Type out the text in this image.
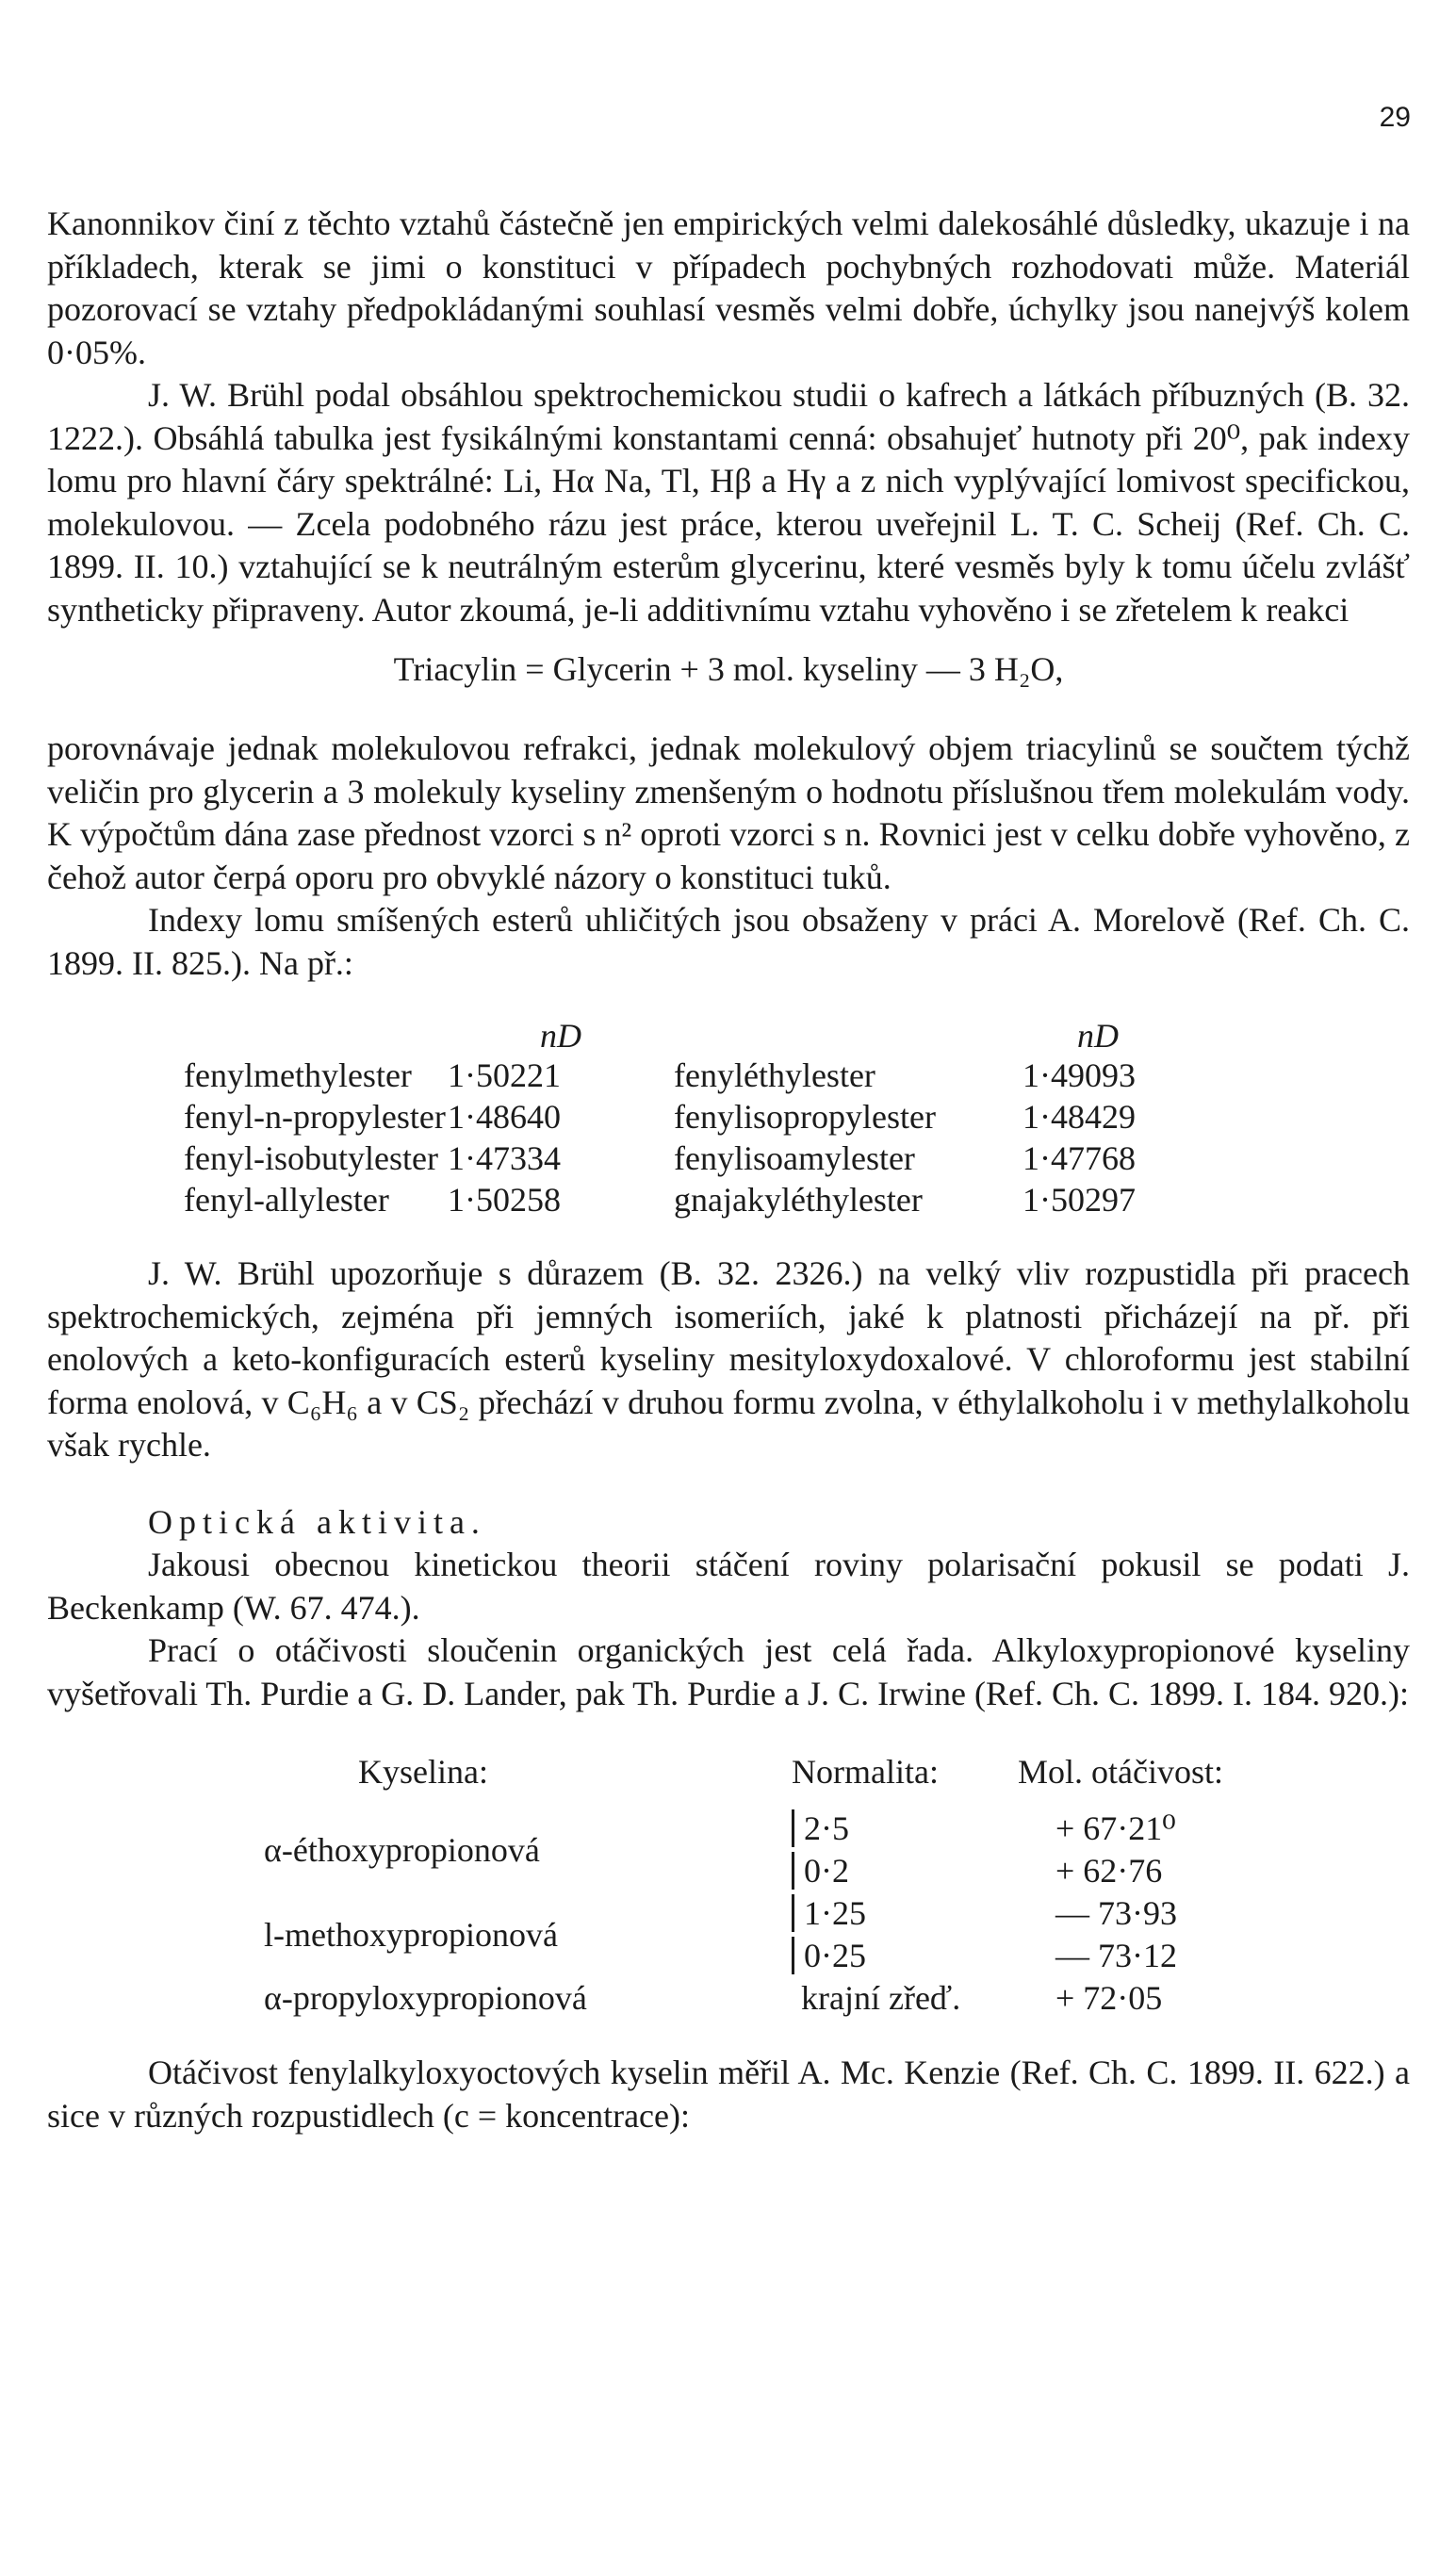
29

Kanonnikov činí z těchto vztahů částečně jen empirických velmi dalekosáhlé důsledky, ukazuje i na příkladech, kterak se jimi o konstituci v případech pochybných rozhodovati může. Materiál pozorovací se vztahy předpokládanými souhlasí vesměs velmi dobře, úchylky jsou nanejvýš kolem 0·05%.

J. W. Brühl podal obsáhlou spektrochemickou studii o kafrech a látkách příbuzných (B. 32. 1222.). Obsáhlá tabulka jest fysikálnými konstantami cenná: obsahujeť hutnoty při 20⁰, pak indexy lomu pro hlavní čáry spektrálné: Li, Hα Na, Tl, Hβ a Hγ a z nich vyplývající lomivost specifickou, molekulovou. — Zcela podobného rázu jest práce, kterou uveřejnil L. T. C. Scheij (Ref. Ch. C. 1899. II. 10.) vztahující se k neutrálným esterům glycerinu, které vesměs byly k tomu účelu zvlášť syntheticky připraveny. Autor zkoumá, je-li additivnímu vztahu vyhověno i se zřetelem k reakci

Triacylin = Glycerin + 3 mol. kyseliny — 3 H₂O,

porovnávaje jednak molekulovou refrakci, jednak molekulový objem triacylinů se součtem týchž veličin pro glycerin a 3 molekuly kyseliny zmenšeným o hodnotu příslušnou třem molekulám vody. K výpočtům dána zase přednost vzorci s n² oproti vzorci s n. Rovnici jest v celku dobře vyhověno, z čehož autor čerpá oporu pro obvyklé názory o konstituci tuků.

Indexy lomu smíšených esterů uhličitých jsou obsaženy v práci A. Morelově (Ref. Ch. C. 1899. II. 825.). Na př.:

	nD		nD
fenylmethylester	1·50221	fenyléthylester	1·49093
fenyl-n-propylester	1·48640	fenylisopropylester	1·48429
fenyl-isobutylester	1·47334	fenylisoamylester	1·47768
fenyl-allylester	1·50258	gnajakyléthylester	1·50297

J. W. Brühl upozorňuje s důrazem (B. 32. 2326.) na velký vliv rozpustidla při pracech spektrochemických, zejména při jemných isomeriích, jaké k platnosti přicházejí na př. při enolových a keto-konfiguracích esterů kyseliny mesityloxydoxalové. V chloroformu jest stabilní forma enolová, v C₆H₆ a v CS₂ přechází v druhou formu zvolna, v éthylalkoholu i v methylalkoholu však rychle.

Optická aktivita.

Jakousi obecnou kinetickou theorii stáčení roviny polarisační pokusil se podati J. Beckenkamp (W. 67. 474.).

Prací o otáčivosti sloučenin organických jest celá řada. Alkyloxypropionové kyseliny vyšetřovali Th. Purdie a G. D. Lander, pak Th. Purdie a J. C. Irwine (Ref. Ch. C. 1899. I. 184. 920.):

Kyselina:	Normalita:	Mol. otáčivost:
α-éthoxypropionová	2·5	+ 67·21⁰
	0·2	+ 62·76
l-methoxypropionová	1·25	— 73·93
	0·25	— 73·12
α-propyloxypropionová	krajní zřeď.	+ 72·05

Otáčivost fenylalkyloxyoctových kyselin měřil A. Mc. Kenzie (Ref. Ch. C. 1899. II. 622.) a sice v různých rozpustidlech (c = koncentrace):
